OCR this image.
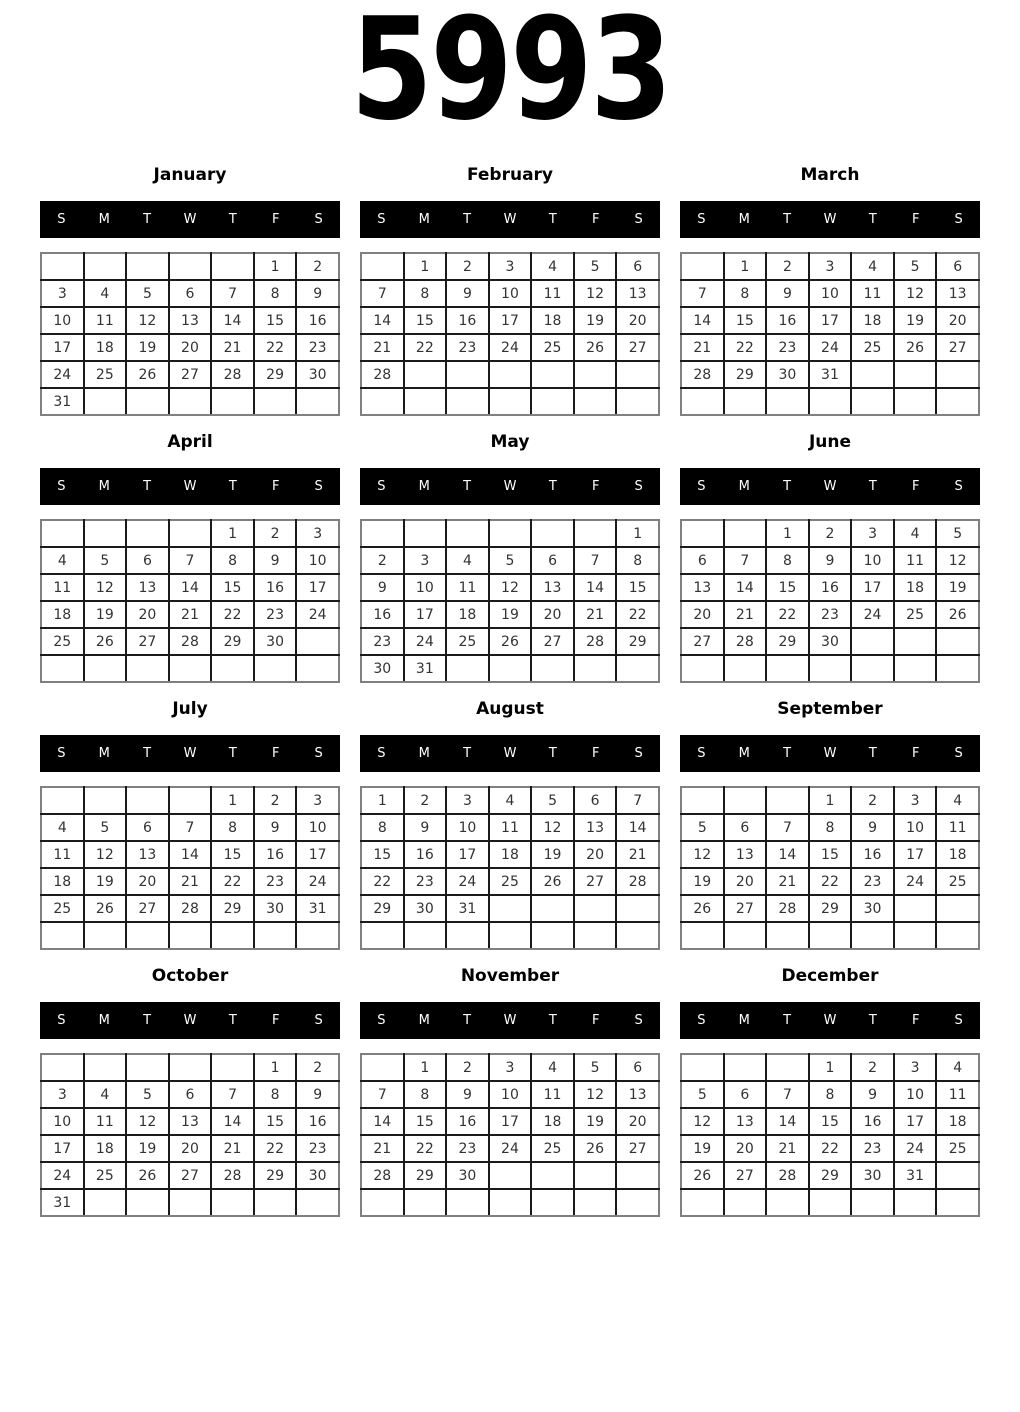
5993
January
S	M	T	W	T	F	S
					1	2
3	4	5	6	7	8	9
10	11	12	13	14	15	16
17	18	19	20	21	22	23
24	25	26	27	28	29	30
31						
February
S	M	T	W	T	F	S
	1	2	3	4	5	6
7	8	9	10	11	12	13
14	15	16	17	18	19	20
21	22	23	24	25	26	27
28						

March
S	M	T	W	T	F	S
	1	2	3	4	5	6
7	8	9	10	11	12	13
14	15	16	17	18	19	20
21	22	23	24	25	26	27
28	29	30	31			

April
S	M	T	W	T	F	S
				1	2	3
4	5	6	7	8	9	10
11	12	13	14	15	16	17
18	19	20	21	22	23	24
25	26	27	28	29	30	

May
S	M	T	W	T	F	S
						1
2	3	4	5	6	7	8
9	10	11	12	13	14	15
16	17	18	19	20	21	22
23	24	25	26	27	28	29
30	31					
June
S	M	T	W	T	F	S
		1	2	3	4	5
6	7	8	9	10	11	12
13	14	15	16	17	18	19
20	21	22	23	24	25	26
27	28	29	30			

July
S	M	T	W	T	F	S
				1	2	3
4	5	6	7	8	9	10
11	12	13	14	15	16	17
18	19	20	21	22	23	24
25	26	27	28	29	30	31

August
S	M	T	W	T	F	S
1	2	3	4	5	6	7
8	9	10	11	12	13	14
15	16	17	18	19	20	21
22	23	24	25	26	27	28
29	30	31				

September
S	M	T	W	T	F	S
			1	2	3	4
5	6	7	8	9	10	11
12	13	14	15	16	17	18
19	20	21	22	23	24	25
26	27	28	29	30		

October
S	M	T	W	T	F	S
					1	2
3	4	5	6	7	8	9
10	11	12	13	14	15	16
17	18	19	20	21	22	23
24	25	26	27	28	29	30
31						
November
S	M	T	W	T	F	S
	1	2	3	4	5	6
7	8	9	10	11	12	13
14	15	16	17	18	19	20
21	22	23	24	25	26	27
28	29	30				

December
S	M	T	W	T	F	S
			1	2	3	4
5	6	7	8	9	10	11
12	13	14	15	16	17	18
19	20	21	22	23	24	25
26	27	28	29	30	31	
